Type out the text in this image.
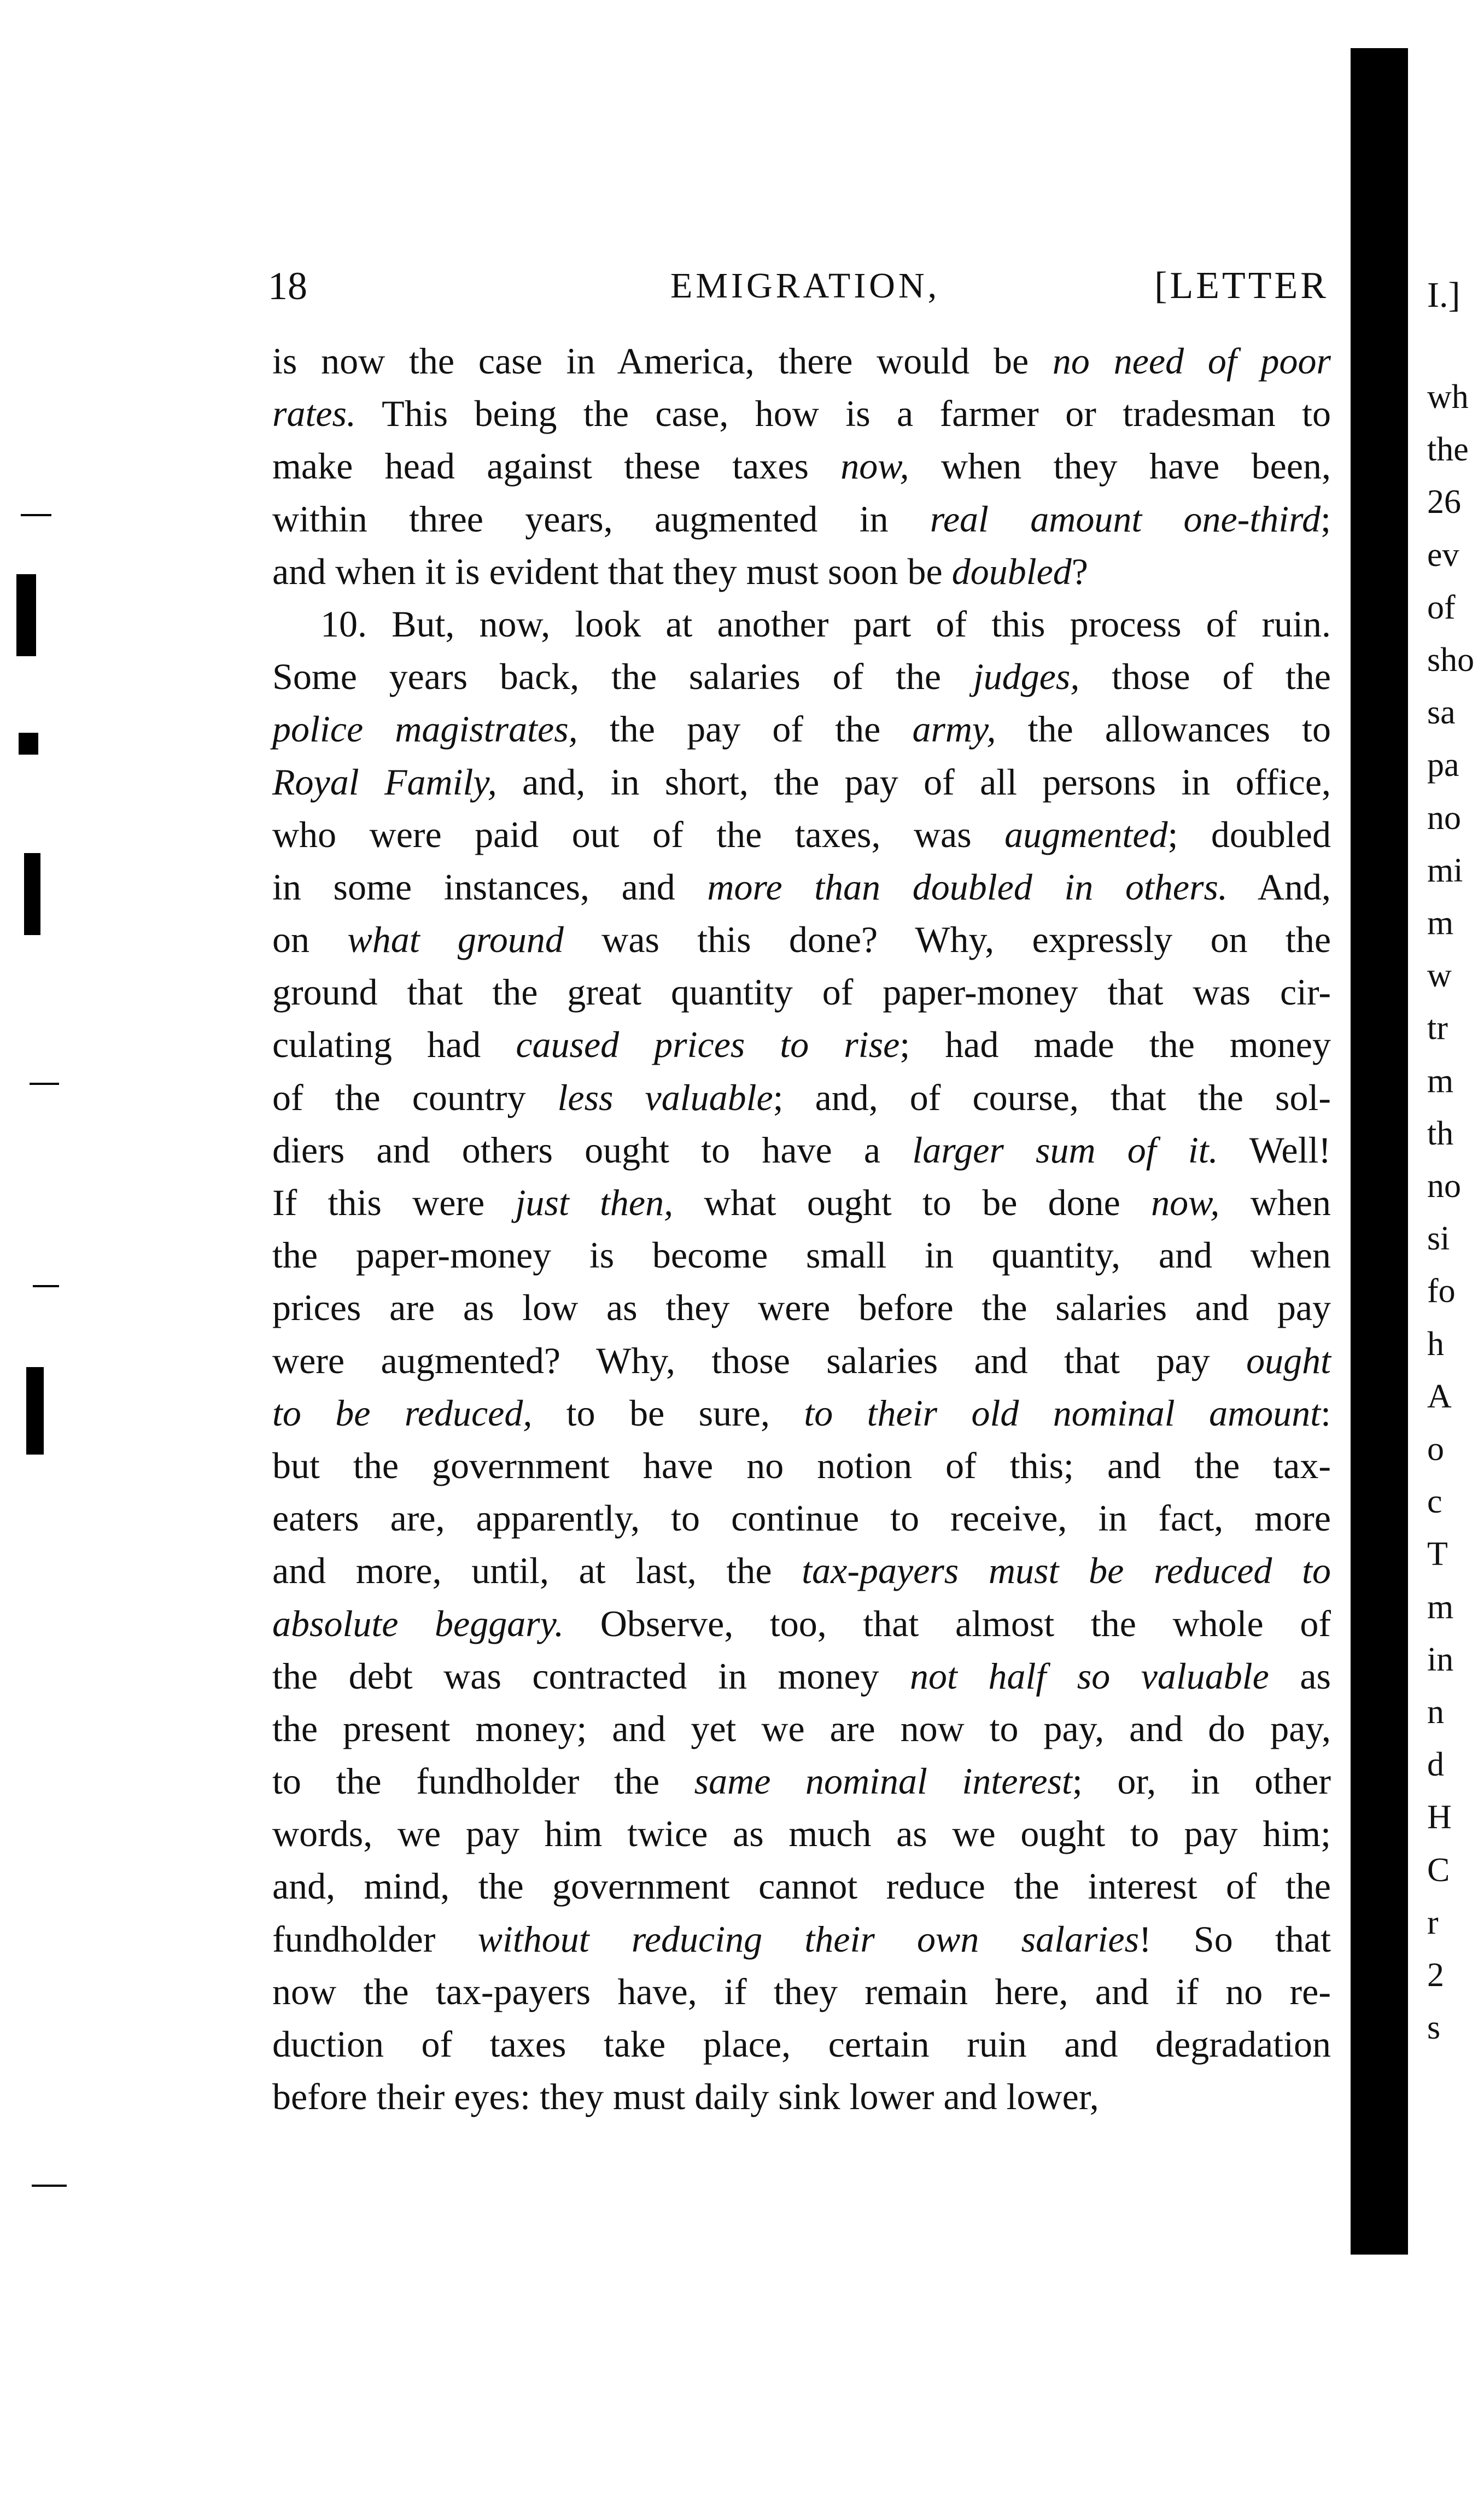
18	EMIGRATION,	[LETTER
is now the case in America, there would be no need of poor
rates. This being the case, how is a farmer or tradesman to
make head against these taxes now, when they have been,
within three years, augmented in real amount one-third;
and when it is evident that they must soon be doubled?
10. But, now, look at another part of this process of ruin.
Some years back, the salaries of the judges, those of the
police magistrates, the pay of the army, the allowances to
Royal Family, and, in short, the pay of all persons in office,
who were paid out of the taxes, was augmented; doubled
in some instances, and more than doubled in others. And,
on what ground was this done? Why, expressly on the
ground that the great quantity of paper-money that was cir-
culating had caused prices to rise; had made the money
of the country less valuable; and, of course, that the sol-
diers and others ought to have a larger sum of it. Well!
If this were just then, what ought to be done now, when
the paper-money is become small in quantity, and when
prices are as low as they were before the salaries and pay
were augmented? Why, those salaries and that pay ought
to be reduced, to be sure, to their old nominal amount:
but the government have no notion of this; and the tax-
eaters are, apparently, to continue to receive, in fact, more
and more, until, at last, the tax-payers must be reduced to
absolute beggary. Observe, too, that almost the whole of
the debt was contracted in money not half so valuable as
the present money; and yet we are now to pay, and do pay,
to the fundholder the same nominal interest; or, in other
words, we pay him twice as much as we ought to pay him;
and, mind, the government cannot reduce the interest of the
fundholder without reducing their own salaries! So that
now the tax-payers have, if they remain here, and if no re-
duction of taxes take place, certain ruin and degradation
before their eyes: they must daily sink lower and lower,
I.]
wh
the
26
ev
of
sho
sa
pa
no
mi
m
w
tr
m
th
no
si
fo
h
A
o
c
T
m
in
n
d
H
C
r
2
s
